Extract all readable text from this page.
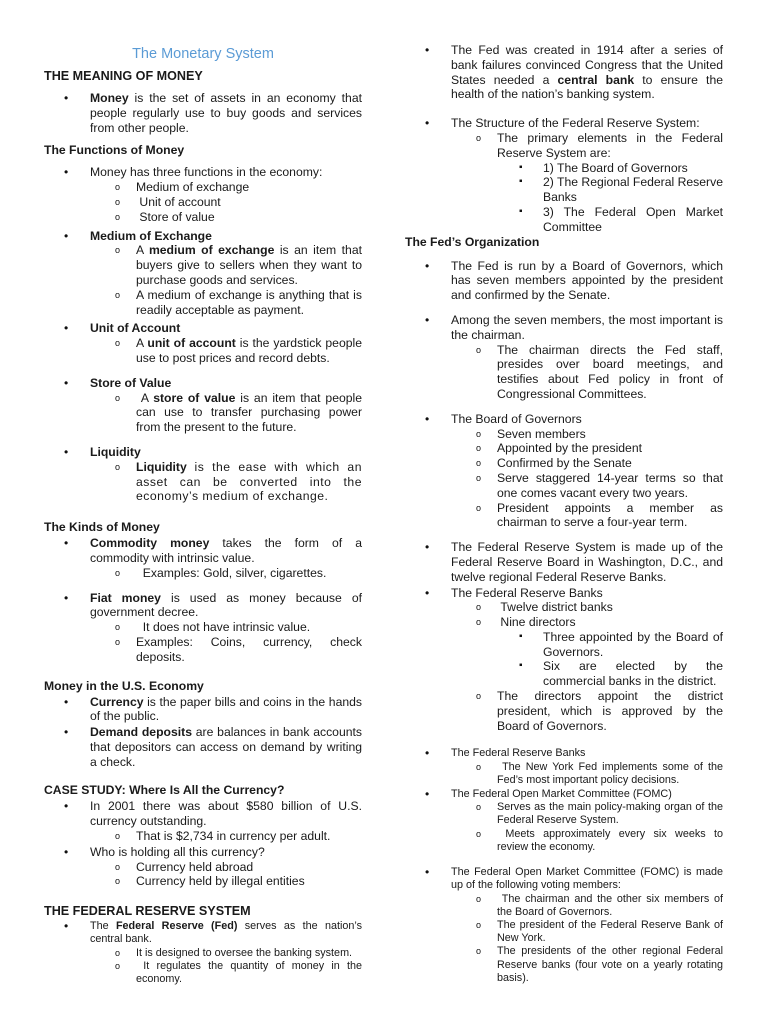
The Monetary System
THE MEANING OF MONEY
• Money is the set of assets in an economy that people regularly use to buy goods and services from other people.
The Functions of Money
• Money has three functions in the economy:
o Medium of exchange
o Unit of account
o Store of value
• Medium of Exchange
o A medium of exchange is an item that buyers give to sellers when they want to purchase goods and services.
o A medium of exchange is anything that is readily acceptable as payment.
• Unit of Account
o A unit of account is the yardstick people use to post prices and record debts.
• Store of Value
o A store of value is an item that people can use to transfer purchasing power from the present to the future.
• Liquidity
o Liquidity is the ease with which an asset can be converted into the economy’s medium of exchange.
The Kinds of Money
• Commodity money takes the form of a commodity with intrinsic value.
o Examples: Gold, silver, cigarettes.
• Fiat money is used as money because of government decree.
o It does not have intrinsic value.
o Examples: Coins, currency, check deposits.
Money in the U.S. Economy
• Currency is the paper bills and coins in the hands of the public.
• Demand deposits are balances in bank accounts that depositors can access on demand by writing a check.
CASE STUDY: Where Is All the Currency?
• In 2001 there was about $580 billion of U.S. currency outstanding.
o That is $2,734 in currency per adult.
• Who is holding all this currency?
o Currency held abroad
o Currency held by illegal entities
THE FEDERAL RESERVE SYSTEM
• The Federal Reserve (Fed) serves as the nation’s central bank.
o It is designed to oversee the banking system.
o It regulates the quantity of money in the economy.
• The Fed was created in 1914 after a series of bank failures convinced Congress that the United States needed a central bank to ensure the health of the nation’s banking system.
• The Structure of the Federal Reserve System:
o The primary elements in the Federal Reserve System are:
▪ 1) The Board of Governors
▪ 2) The Regional Federal Reserve Banks
▪ 3) The Federal Open Market Committee
The Fed’s Organization
• The Fed is run by a Board of Governors, which has seven members appointed by the president and confirmed by the Senate.
• Among the seven members, the most important is the chairman.
o The chairman directs the Fed staff, presides over board meetings, and testifies about Fed policy in front of Congressional Committees.
• The Board of Governors
o Seven members
o Appointed by the president
o Confirmed by the Senate
o Serve staggered 14-year terms so that one comes vacant every two years.
o President appoints a member as chairman to serve a four-year term.
• The Federal Reserve System is made up of the Federal Reserve Board in Washington, D.C., and twelve regional Federal Reserve Banks.
• The Federal Reserve Banks
o Twelve district banks
o Nine directors
▪ Three appointed by the Board of Governors.
▪ Six are elected by the commercial banks in the district.
o The directors appoint the district president, which is approved by the Board of Governors.
• The Federal Reserve Banks
o The New York Fed implements some of the Fed’s most important policy decisions.
• The Federal Open Market Committee (FOMC)
o Serves as the main policy-making organ of the Federal Reserve System.
o Meets approximately every six weeks to review the economy.
• The Federal Open Market Committee (FOMC) is made up of the following voting members:
o The chairman and the other six members of the Board of Governors.
o The president of the Federal Reserve Bank of New York.
o The presidents of the other regional Federal Reserve banks (four vote on a yearly rotating basis).
